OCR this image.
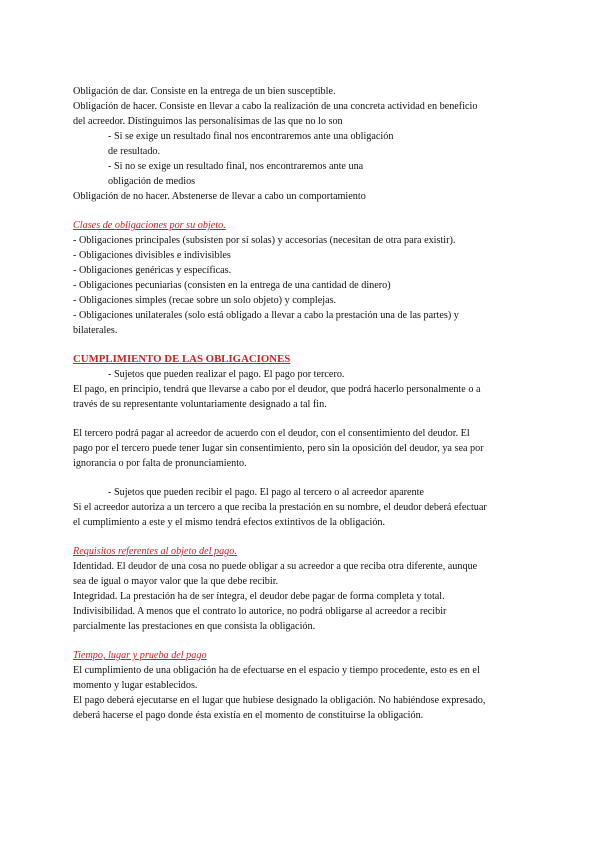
Obligación de dar. Consiste en la entrega de un bien susceptible.

Obligación de hacer. Consiste en llevar a cabo la realización de una concreta actividad en beneficio

del acreedor. Distinguimos las personalísimas de las que no lo son

- Si se exige un resultado final nos encontraremos ante una obligación

de resultado.

- Si no se exige un resultado final, nos encontraremos ante una

obligación de medios

Obligación de no hacer. Abstenerse de llevar a cabo un comportamiento

Clases de obligaciones por su objeto.

- Obligaciones principales (subsisten por sí solas) y accesorias (necesitan de otra para existir).

- Obligaciones divisibles e indivisibles

- Obligaciones genéricas y específicas.

- Obligaciones pecuniarias (consisten en la entrega de una cantidad de dinero)

- Obligaciones simples (recae sobre un solo objeto) y complejas.

- Obligaciones unilaterales (solo está obligado a llevar a cabo la prestación una de las partes) y

bilaterales.

CUMPLIMIENTO DE LAS OBLIGACIONES

- Sujetos que pueden realizar el pago. El pago por tercero.

El pago, en principio, tendrá que llevarse a cabo por el deudor, que podrá hacerlo personalmente o a

través de su representante voluntariamente designado a tal fin.

El tercero podrá pagar al acreedor de acuerdo con el deudor, con el consentimiento del deudor. El

pago por el tercero puede tener lugar sin consentimiento, pero sin la oposición del deudor, ya sea por

ignorancia o por falta de pronunciamiento.

- Sujetos que pueden recibir el pago. El pago al tercero o al acreedor aparente

Si el acreedor autoriza a un tercero a que reciba la prestación en su nombre, el deudor deberá efectuar

el cumplimiento a este y el mismo tendrá efectos extintivos de la obligación.

Requisitos referentes al objeto del pago.

Identidad. El deudor de una cosa no puede obligar a su acreedor a que reciba otra diferente, aunque

sea de igual o mayor valor que la que debe recibir.

Integridad. La prestación ha de ser íntegra, el deudor debe pagar de forma completa y total.

Indivisibilidad. A menos que el contrato lo autorice, no podrá obligarse al acreedor a recibir

parcialmente las prestaciones en que consista la obligación.

Tiempo, lugar y prueba del pago

El cumplimiento de una obligación ha de efectuarse en el espacio y tiempo procedente, esto es en el

momento y lugar establecidos.

El pago deberá ejecutarse en el lugar que hubiese designado la obligación. No habiéndose expresado,

deberá hacerse el pago donde ésta existía en el momento de constituirse la obligación.
